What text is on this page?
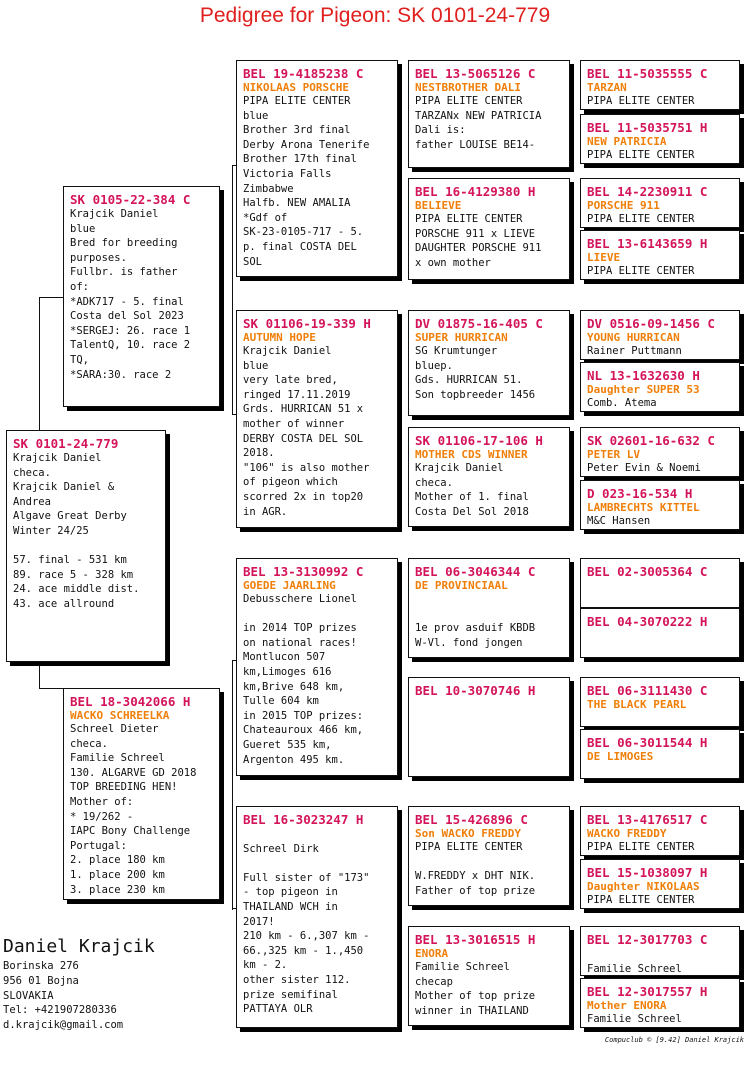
Pedigree for Pigeon: SK 0101-24-779
SK 0101-24-779
Krajcik Daniel
checa.
Krajcik Daniel &
Andrea
Algave Great Derby
Winter 24/25

57. final - 531 km
89. race 5 - 328 km
24. ace middle dist.
43. ace allround
SK 0105-22-384 C
Krajcik Daniel
blue
Bred for breeding
purposes.
Fullbr. is father
of:
*ADK717 - 5. final
Costa del Sol 2023
*SERGEJ: 26. race 1
TalentQ, 10. race 2
TQ,
*SARA:30. race 2
BEL 18-3042066 H
WACKO SCHREELKA
Schreel Dieter
checa.
Familie Schreel
130. ALGARVE GD 2018
TOP BREEDING HEN!
Mother of:
* 19/262 -
IAPC Bony Challenge
Portugal:
2. place 180 km
1. place 200 km
3. place 230 km
BEL 19-4185238 C
NIKOLAAS PORSCHE
PIPA ELITE CENTER
blue
Brother 3rd final
Derby Arona Tenerife
Brother 17th final
Victoria Falls
Zimbabwe
Halfb. NEW AMALIA
*Gdf of
SK-23-0105-717 - 5.
p. final COSTA DEL
SOL
SK 01106-19-339 H
AUTUMN HOPE
Krajcik Daniel
blue
very late bred,
ringed 17.11.2019
Grds. HURRICAN 51 x
mother of winner
DERBY COSTA DEL SOL
2018.
"106" is also mother
of pigeon which
scorred 2x in top20
in AGR.
BEL 13-3130992 C
GOEDE JAARLING
Debusschere Lionel

in 2014 TOP prizes
on national races!
Montlucon 507
km,Limoges 616
km,Brive 648 km,
Tulle 604 km
in 2015 TOP prizes:
Chateauroux 466 km,
Gueret 535 km,
Argenton 495 km.
BEL 16-3023247 H

Schreel Dirk

Full sister of "173"
- top pigeon in
THAILAND WCH in
2017!
210 km - 6.,307 km -
66.,325 km - 1.,450
km - 2.
other sister 112.
prize semifinal
PATTAYA OLR
BEL 13-5065126 C
NESTBROTHER DALI
PIPA ELITE CENTER
TARZANx NEW PATRICIA
Dali is:
father LOUISE BE14-
BEL 16-4129380 H
BELIEVE
PIPA ELITE CENTER
PORSCHE 911 x LIEVE
DAUGHTER PORSCHE 911
x own mother
DV 01875-16-405 C
SUPER HURRICAN
SG Krumtunger
bluep.
Gds. HURRICAN 51.
Son topbreeder 1456
SK 01106-17-106 H
MOTHER CDS WINNER
Krajcik Daniel
checa.
Mother of 1. final
Costa Del Sol 2018
BEL 06-3046344 C
DE PROVINCIAAL

1e prov asduif KBDB
W-Vl. fond jongen
BEL 10-3070746 H
BEL 15-426896 C
Son WACKO FREDDY
PIPA ELITE CENTER

W.FREDDY x DHT NIK.
Father of top prize
BEL 13-3016515 H
ENORA
Familie Schreel
checap
Mother of top prize
winner in THAILAND
BEL 11-5035555 C
TARZAN
PIPA ELITE CENTER
BEL 11-5035751 H
NEW PATRICIA
PIPA ELITE CENTER
BEL 14-2230911 C
PORSCHE 911
PIPA ELITE CENTER
BEL 13-6143659 H
LIEVE
PIPA ELITE CENTER
DV 0516-09-1456 C
YOUNG HURRICAN
Rainer Puttmann
NL 13-1632630 H
Daughter SUPER 53
Comb. Atema
SK 02601-16-632 C
PETER LV
Peter Evin & Noemi
D 023-16-534 H
LAMBRECHTS KITTEL
M&C Hansen
BEL 02-3005364 C
BEL 04-3070222 H
BEL 06-3111430 C
THE BLACK PEARL
BEL 06-3011544 H
DE LIMOGES
BEL 13-4176517 C
WACKO FREDDY
PIPA ELITE CENTER
BEL 15-1038097 H
Daughter NIKOLAAS
PIPA ELITE CENTER
BEL 12-3017703 C

Familie Schreel
BEL 12-3017557 H
Mother ENORA
Familie Schreel
Daniel Krajcik
Borinska 276
956 01 Bojna
SLOVAKIA
Tel: +421907280336
d.krajcik@gmail.com
Compuclub © [9.42] Daniel Krajcik
